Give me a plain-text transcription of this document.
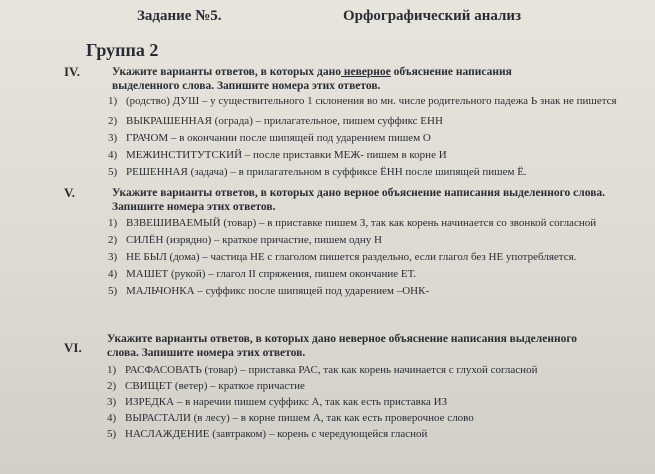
Задание №5.	Орфографический анализ
Группа 2
IV.	Укажите варианты ответов, в которых дано неверное объяснение написания выделенного слова. Запишите номера этих ответов.
1) (родство) ДУШ – у существительного 1 склонения во мн. числе родительного падежа Ь знак не пишется
2) ВЫКРАШЕННАЯ (ограда) – прилагательное, пишем суффикс ЕНН
3) ГРАЧОМ – в окончании после шипящей под ударением пишем О
4) МЕЖИНСТИТУТСКИЙ – после приставки МЕЖ- пишем в корне И
5) РЕШЕННАЯ (задача) – в прилагательном в суффиксе ЁНН после шипящей пишем Ё.
V.	Укажите варианты ответов, в которых дано верное объяснение написания выделенного слова. Запишите номера этих ответов.
1) ВЗВЕШИВАЕМЫЙ (товар) – в приставке пишем З, так как корень начинается со звонкой согласной
2) СИЛЁН (изрядно) – краткое причастие, пишем одну Н
3) НЕ БЫЛ (дома) – частица НЕ с глаголом пишется раздельно, если глагол без НЕ употребляется.
4) МАШЕТ (рукой) – глагол II спряжения, пишем окончание ЕТ.
5) МАЛЬЧОНКА – суффикс после шипящей под ударением –ОНК-
VI.
Укажите варианты ответов, в которых дано неверное объяснение написания выделенного слова. Запишите номера этих ответов.
1) РАСФАСОВАТЬ (товар) – приставка РАС, так как корень начинается с глухой согласной
2) СВИЩЕТ (ветер) – краткое причастие
3) ИЗРЕДКА – в наречии пишем суффикс А, так как есть приставка ИЗ
4) ВЫРАСТАЛИ (в лесу) – в корне пишем А, так как есть проверочное слово
5) НАСЛАЖДЕНИЕ (завтраком) – корень с чередующейся гласной
